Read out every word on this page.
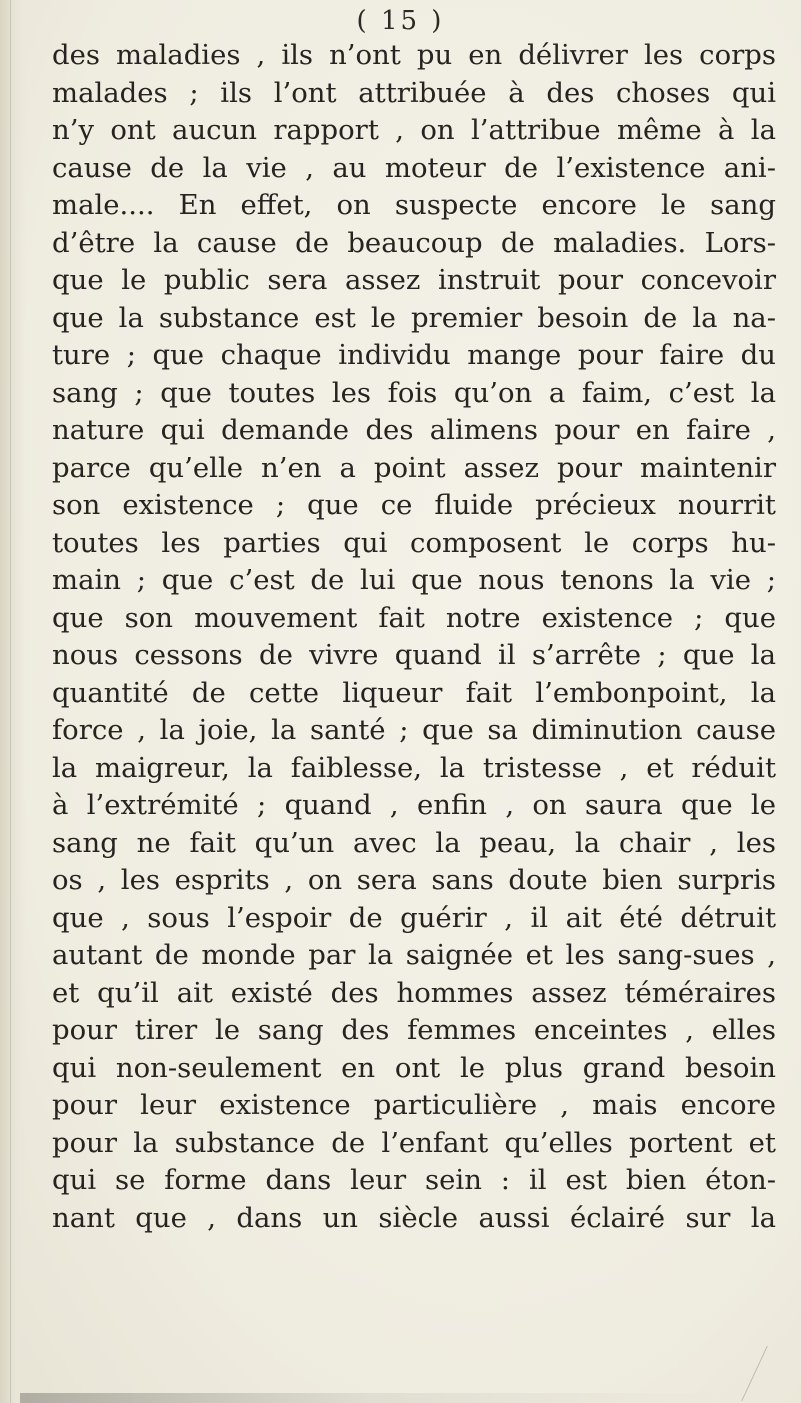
( 15 )
des maladies , ils n’ont pu en délivrer les corps
malades ; ils l’ont attribuée à des choses qui
n’y ont aucun rapport , on l’attribue même à la
cause de la vie , au moteur de l’existence ani-
male.... En effet, on suspecte encore le sang
d’être la cause de beaucoup de maladies. Lors-
que le public sera assez instruit pour concevoir
que la substance est le premier besoin de la na-
ture ; que chaque individu mange pour faire du
sang ; que toutes les fois qu’on a faim, c’est la
nature qui demande des alimens pour en faire ,
parce qu’elle n’en a point assez pour maintenir
son existence ; que ce fluide précieux nourrit
toutes les parties qui composent le corps hu-
main ; que c’est de lui que nous tenons la vie ;
que son mouvement fait notre existence ; que
nous cessons de vivre quand il s’arrête ; que la
quantité de cette liqueur fait l’embonpoint, la
force , la joie, la santé ; que sa diminution cause
la maigreur, la faiblesse, la tristesse , et réduit
à l’extrémité ; quand , enfin , on saura que le
sang ne fait qu’un avec la peau, la chair , les
os , les esprits , on sera sans doute bien surpris
que , sous l’espoir de guérir , il ait été détruit
autant de monde par la saignée et les sang-sues ,
et qu’il ait existé des hommes assez téméraires
pour tirer le sang des femmes enceintes , elles
qui non-seulement en ont le plus grand besoin
pour leur existence particulière , mais encore
pour la substance de l’enfant qu’elles portent et
qui se forme dans leur sein : il est bien éton-
nant que , dans un siècle aussi éclairé sur la
